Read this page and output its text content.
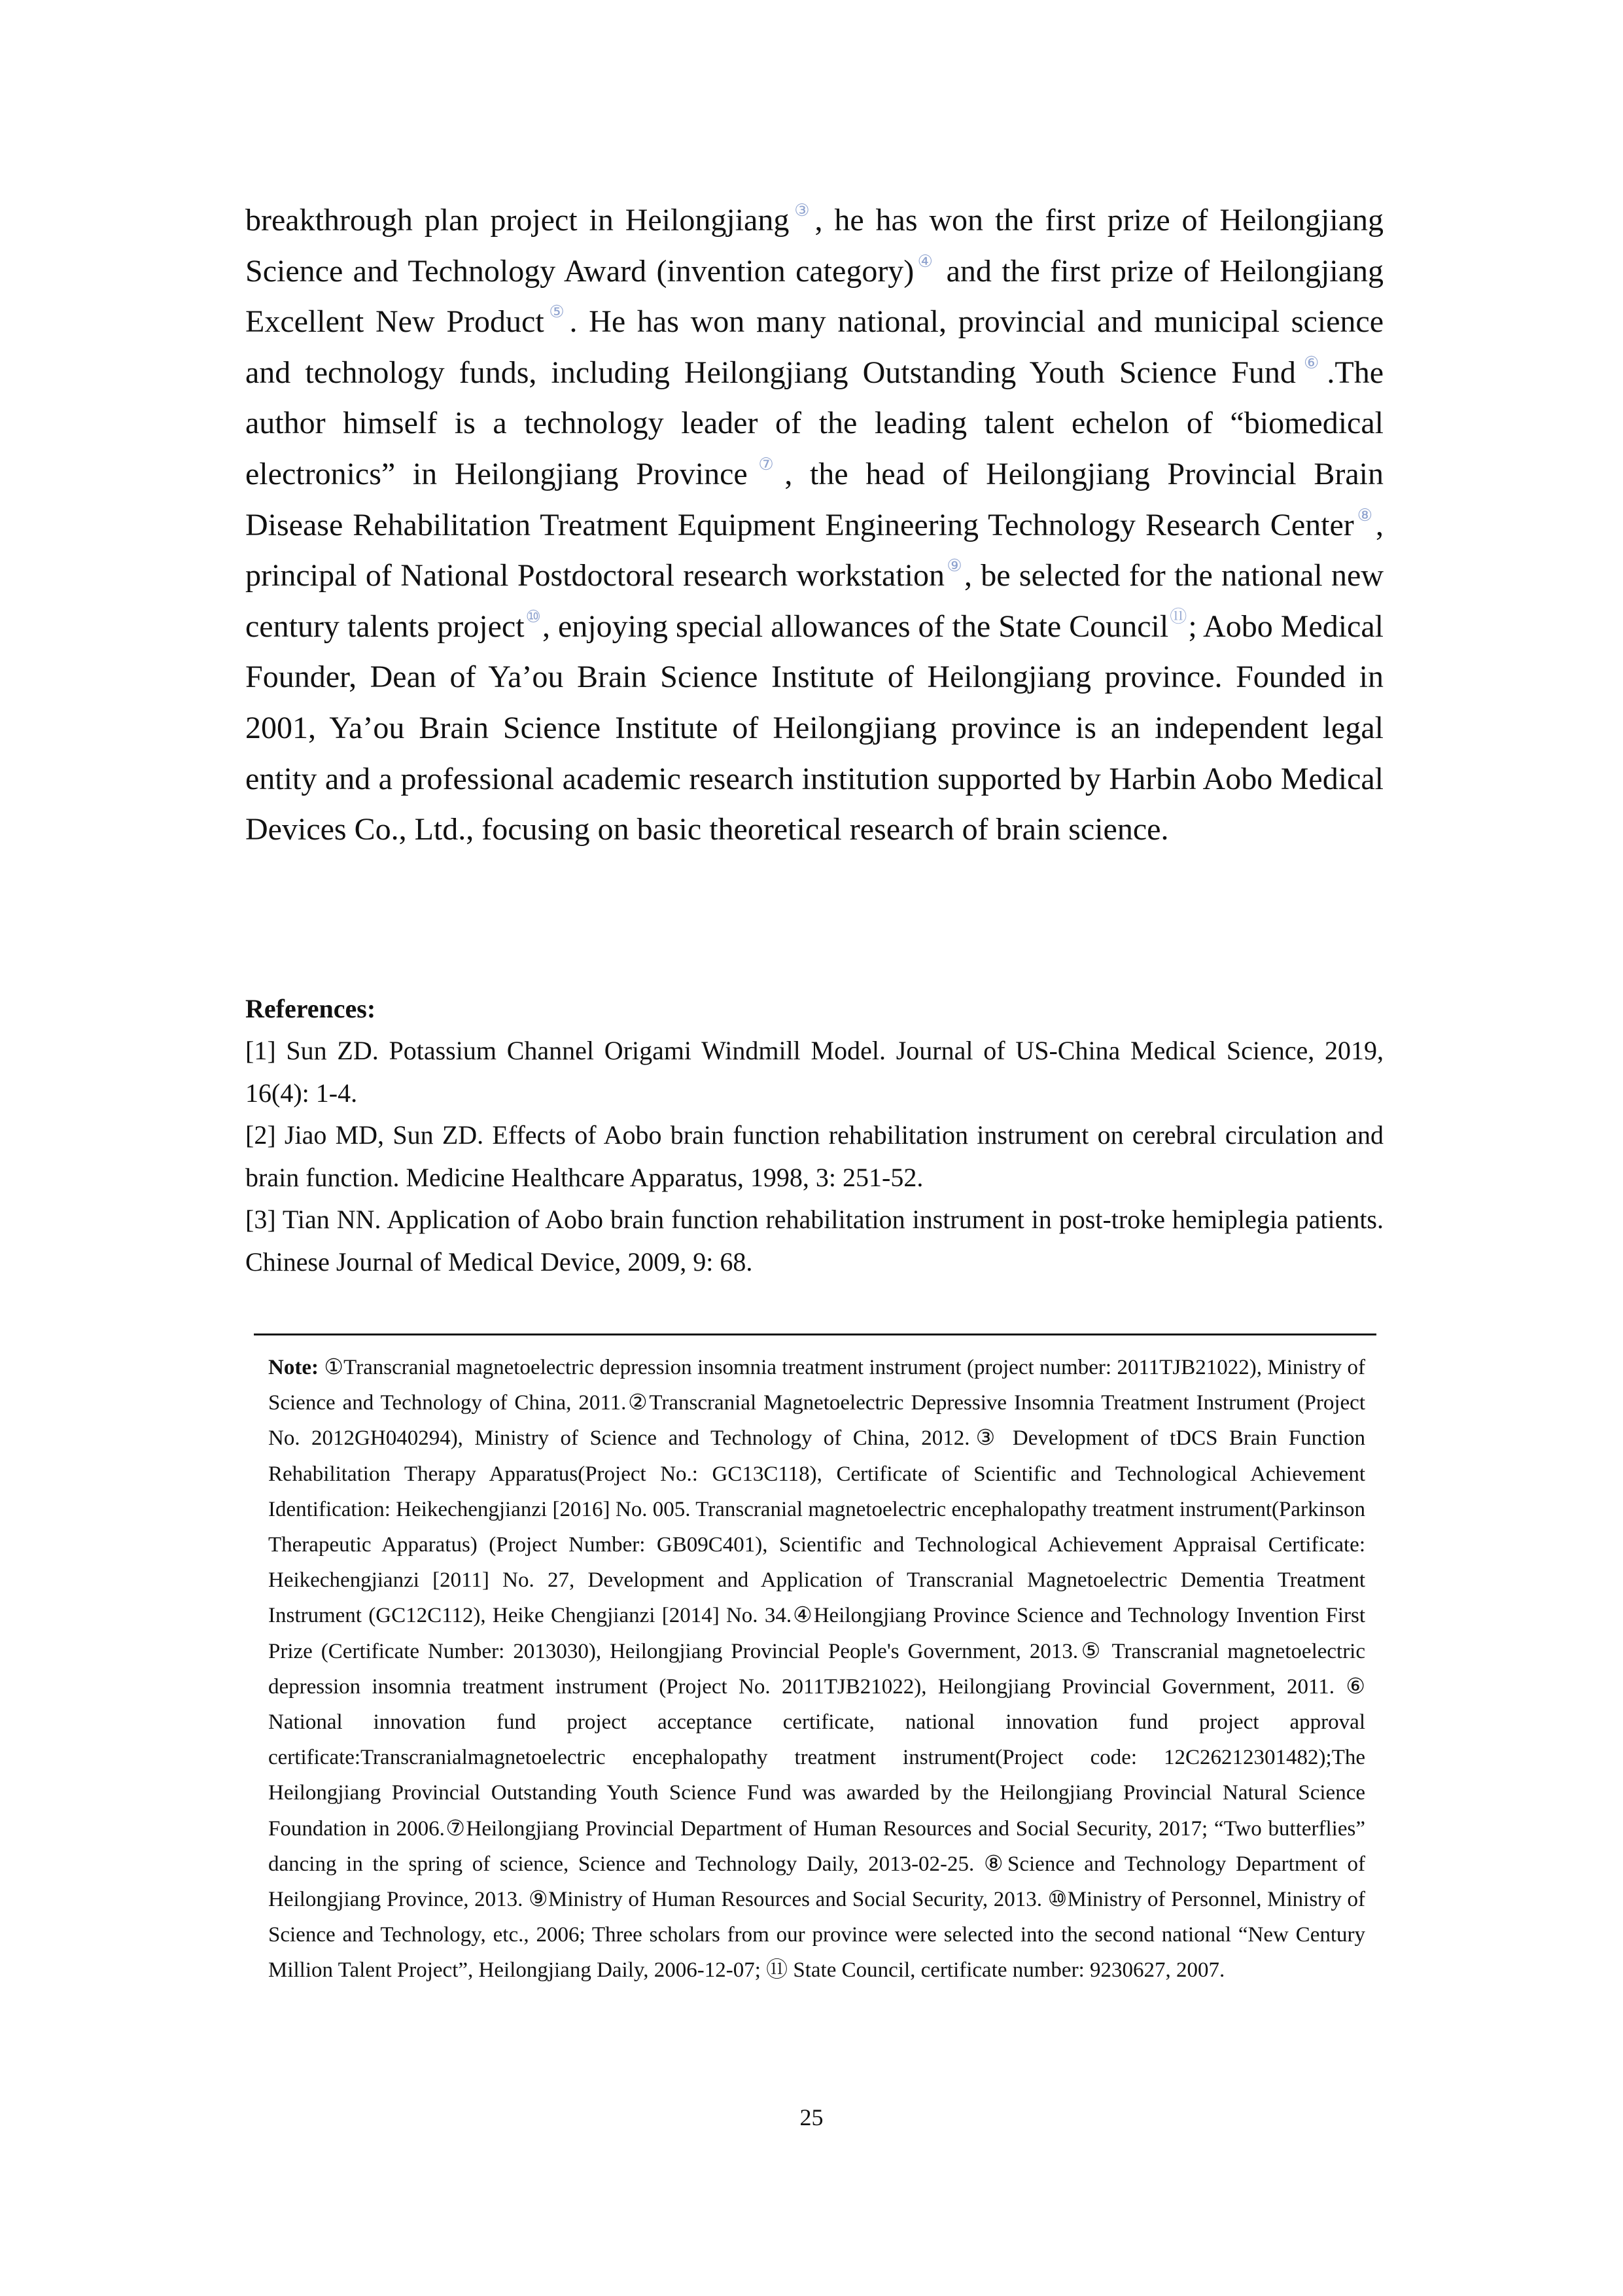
breakthrough plan project in Heilongjiang③, he has won the first prize of Heilongjiang Science and Technology Award (invention category)④ and the first prize of Heilongjiang Excellent New Product⑤. He has won many national, provincial and municipal science and technology funds, including Heilongjiang Outstanding Youth Science Fund⑥.The author himself is a technology leader of the leading talent echelon of “biomedical electronics” in Heilongjiang Province⑦, the head of Heilongjiang Provincial Brain Disease Rehabilitation Treatment Equipment Engineering Technology Research Center⑧, principal of National Postdoctoral research workstation⑨, be selected for the national new century talents project⑩, enjoying special allowances of the State Council⑪; Aobo Medical Founder, Dean of Ya’ou Brain Science Institute of Heilongjiang province. Founded in 2001, Ya’ou Brain Science Institute of Heilongjiang province is an independent legal entity and a professional academic research institution supported by Harbin Aobo Medical Devices Co., Ltd., focusing on basic theoretical research of brain science.

References:

[1] Sun ZD. Potassium Channel Origami Windmill Model. Journal of US-China Medical Science, 2019, 16(4): 1-4.

[2] Jiao MD, Sun ZD. Effects of Aobo brain function rehabilitation instrument on cerebral circulation and brain function. Medicine Healthcare Apparatus, 1998, 3: 251-52.

[3] Tian NN. Application of Aobo brain function rehabilitation instrument in post-troke hemiplegia patients. Chinese Journal of Medical Device, 2009, 9: 68.

Note: ①Transcranial magnetoelectric depression insomnia treatment instrument (project number: 2011TJB21022), Ministry of Science and Technology of China, 2011.②Transcranial Magnetoelectric Depressive Insomnia Treatment Instrument (Project No. 2012GH040294), Ministry of Science and Technology of China, 2012.③ Development of tDCS Brain Function Rehabilitation Therapy Apparatus(Project No.: GC13C118), Certificate of Scientific and Technological Achievement Identification: Heikechengjianzi [2016] No. 005. Transcranial magnetoelectric encephalopathy treatment instrument(Parkinson Therapeutic Apparatus) (Project Number: GB09C401), Scientific and Technological Achievement Appraisal Certificate: Heikechengjianzi [2011] No. 27, Development and Application of Transcranial Magnetoelectric Dementia Treatment Instrument (GC12C112), Heike Chengjianzi [2014] No. 34.④Heilongjiang Province Science and Technology Invention First Prize (Certificate Number: 2013030), Heilongjiang Provincial People's Government, 2013.⑤ Transcranial magnetoelectric depression insomnia treatment instrument (Project No. 2011TJB21022), Heilongjiang Provincial Government, 2011. ⑥ National innovation fund project acceptance certificate, national innovation fund project approval certificate:Transcranialmagnetoelectric encephalopathy treatment instrument(Project code: 12C26212301482);The Heilongjiang Provincial Outstanding Youth Science Fund was awarded by the Heilongjiang Provincial Natural Science Foundation in 2006.⑦Heilongjiang Provincial Department of Human Resources and Social Security, 2017; “Two butterflies” dancing in the spring of science, Science and Technology Daily, 2013-02-25. ⑧Science and Technology Department of Heilongjiang Province, 2013. ⑨Ministry of Human Resources and Social Security, 2013. ⑩Ministry of Personnel, Ministry of Science and Technology, etc., 2006; Three scholars from our province were selected into the second national “New Century Million Talent Project”, Heilongjiang Daily, 2006-12-07; ⑪ State Council, certificate number: 9230627, 2007.

25
